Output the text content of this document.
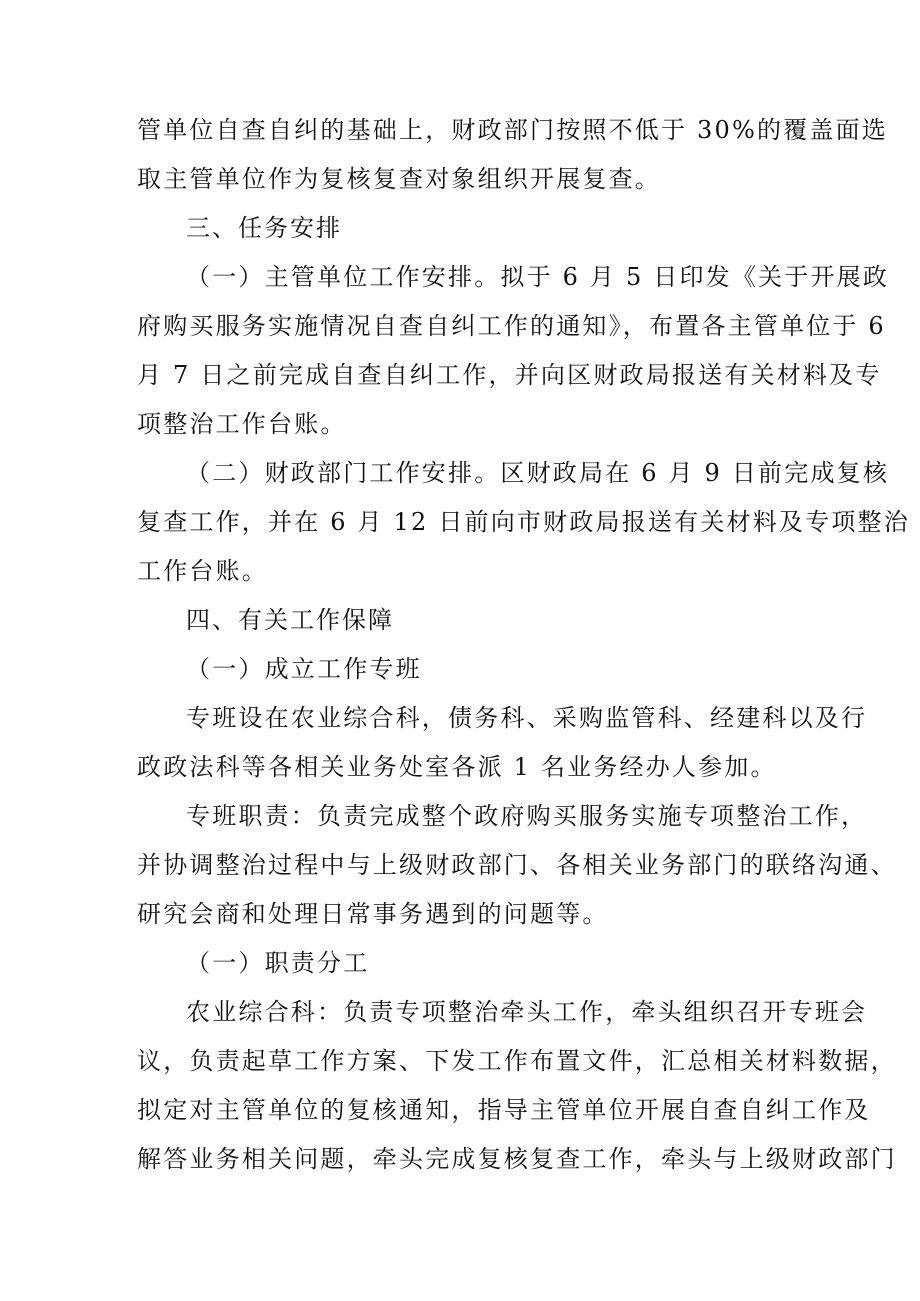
管单位自查自纠的基础上，财政部门按照不低于 30%的覆盖面选
取主管单位作为复核复查对象组织开展复查。
三、任务安排
（一）主管单位工作安排。拟于 6 月 5 日印发《关于开展政
府购买服务实施情况自查自纠工作的通知》，布置各主管单位于 6
月 7 日之前完成自查自纠工作，并向区财政局报送有关材料及专
项整治工作台账。
（二）财政部门工作安排。区财政局在 6 月 9 日前完成复核
复查工作，并在 6 月 12 日前向市财政局报送有关材料及专项整治
工作台账。
四、有关工作保障
（一）成立工作专班
专班设在农业综合科，债务科、采购监管科、经建科以及行
政政法科等各相关业务处室各派 1 名业务经办人参加。
专班职责：负责完成整个政府购买服务实施专项整治工作，
并协调整治过程中与上级财政部门、各相关业务部门的联络沟通、
研究会商和处理日常事务遇到的问题等。
（一）职责分工
农业综合科：负责专项整治牵头工作，牵头组织召开专班会
议，负责起草工作方案、下发工作布置文件，汇总相关材料数据，
拟定对主管单位的复核通知，指导主管单位开展自查自纠工作及
解答业务相关问题，牵头完成复核复查工作，牵头与上级财政部门
